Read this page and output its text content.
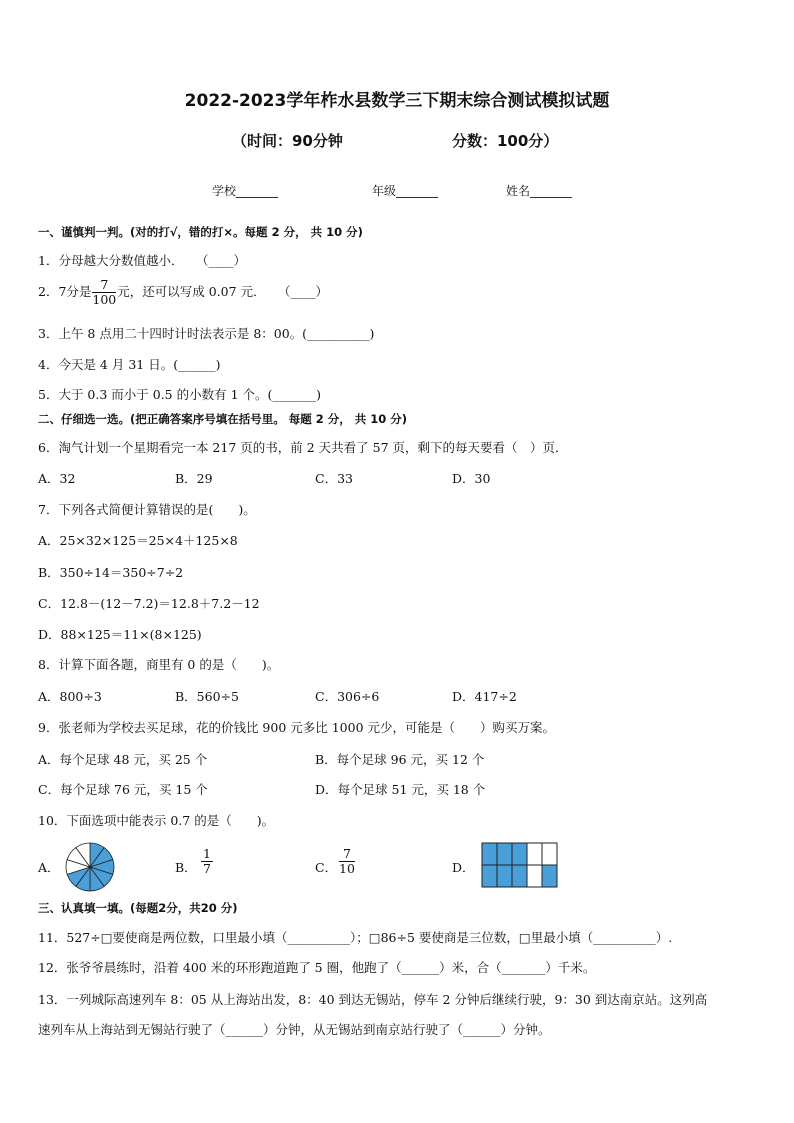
2022-2023学年柞水县数学三下期末综合测试模拟试题
（时间：90分钟	分数：100分）
学校_______	年级_______	姓名_______
一、谨慎判一判。(对的打√，错的打×。每题 2 分， 共 10 分)
1．分母越大分数值越小．　　（____）
2．7分是 $\frac{7}{100}$ 元，还可以写成 0.07 元．　　（____）
3．上午 8 点用二十四时计时法表示是 8：00。(__________)
4．今天是 4 月 31 日。(______)
5．大于 0.3 而小于 0.5 的小数有 1 个。(_______)
二、仔细选一选。(把正确答案序号填在括号里。 每题 2 分， 共 10 分)
6．淘气计划一个星期看完一本 217 页的书，前 2 天共看了 57 页，剩下的每天要看（　）页．
A．32	B．29	C．33	D．30
7．下列各式简便计算错误的是(　　)。
A．25×32×125＝25×4＋125×8
B．350÷14＝350÷7÷2
C．12.8－(12－7.2)＝12.8＋7.2－12
D．88×125＝11×(8×125)
8．计算下面各题，商里有 0 的是（　　)。
A．800÷3	B．560÷5	C．306÷6	D．417÷2
9．张老师为学校去买足球，花的价钱比 900 元多比 1000 元少，可能是（　　）购买万案。
A．每个足球 48 元，买 25 个	B．每个足球 96 元，买 12 个
C．每个足球 76 元，买 15 个	D．每个足球 51 元，买 18 个
10．下面选项中能表示 0.7 的是（　　)。
A．	B． $\frac{1}{7}$	C． $\frac{7}{10}$	D．
三、认真填一填。(每题2分，共20 分)
11．527÷□要使商是两位数，口里最小填（__________）；□86÷5 要使商是三位数，□里最小填（__________）.
12．张爷爷晨练时，沿着 400 米的环形跑道跑了 5 圈，他跑了（______）米，合（_______）千米。
13．一列城际高速列车 8：05 从上海站出发，8：40 到达无锡站，停车 2 分钟后继续行驶，9：30 到达南京站。这列高
速列车从上海站到无锡站行驶了（______）分钟，从无锡站到南京站行驶了（______）分钟。
